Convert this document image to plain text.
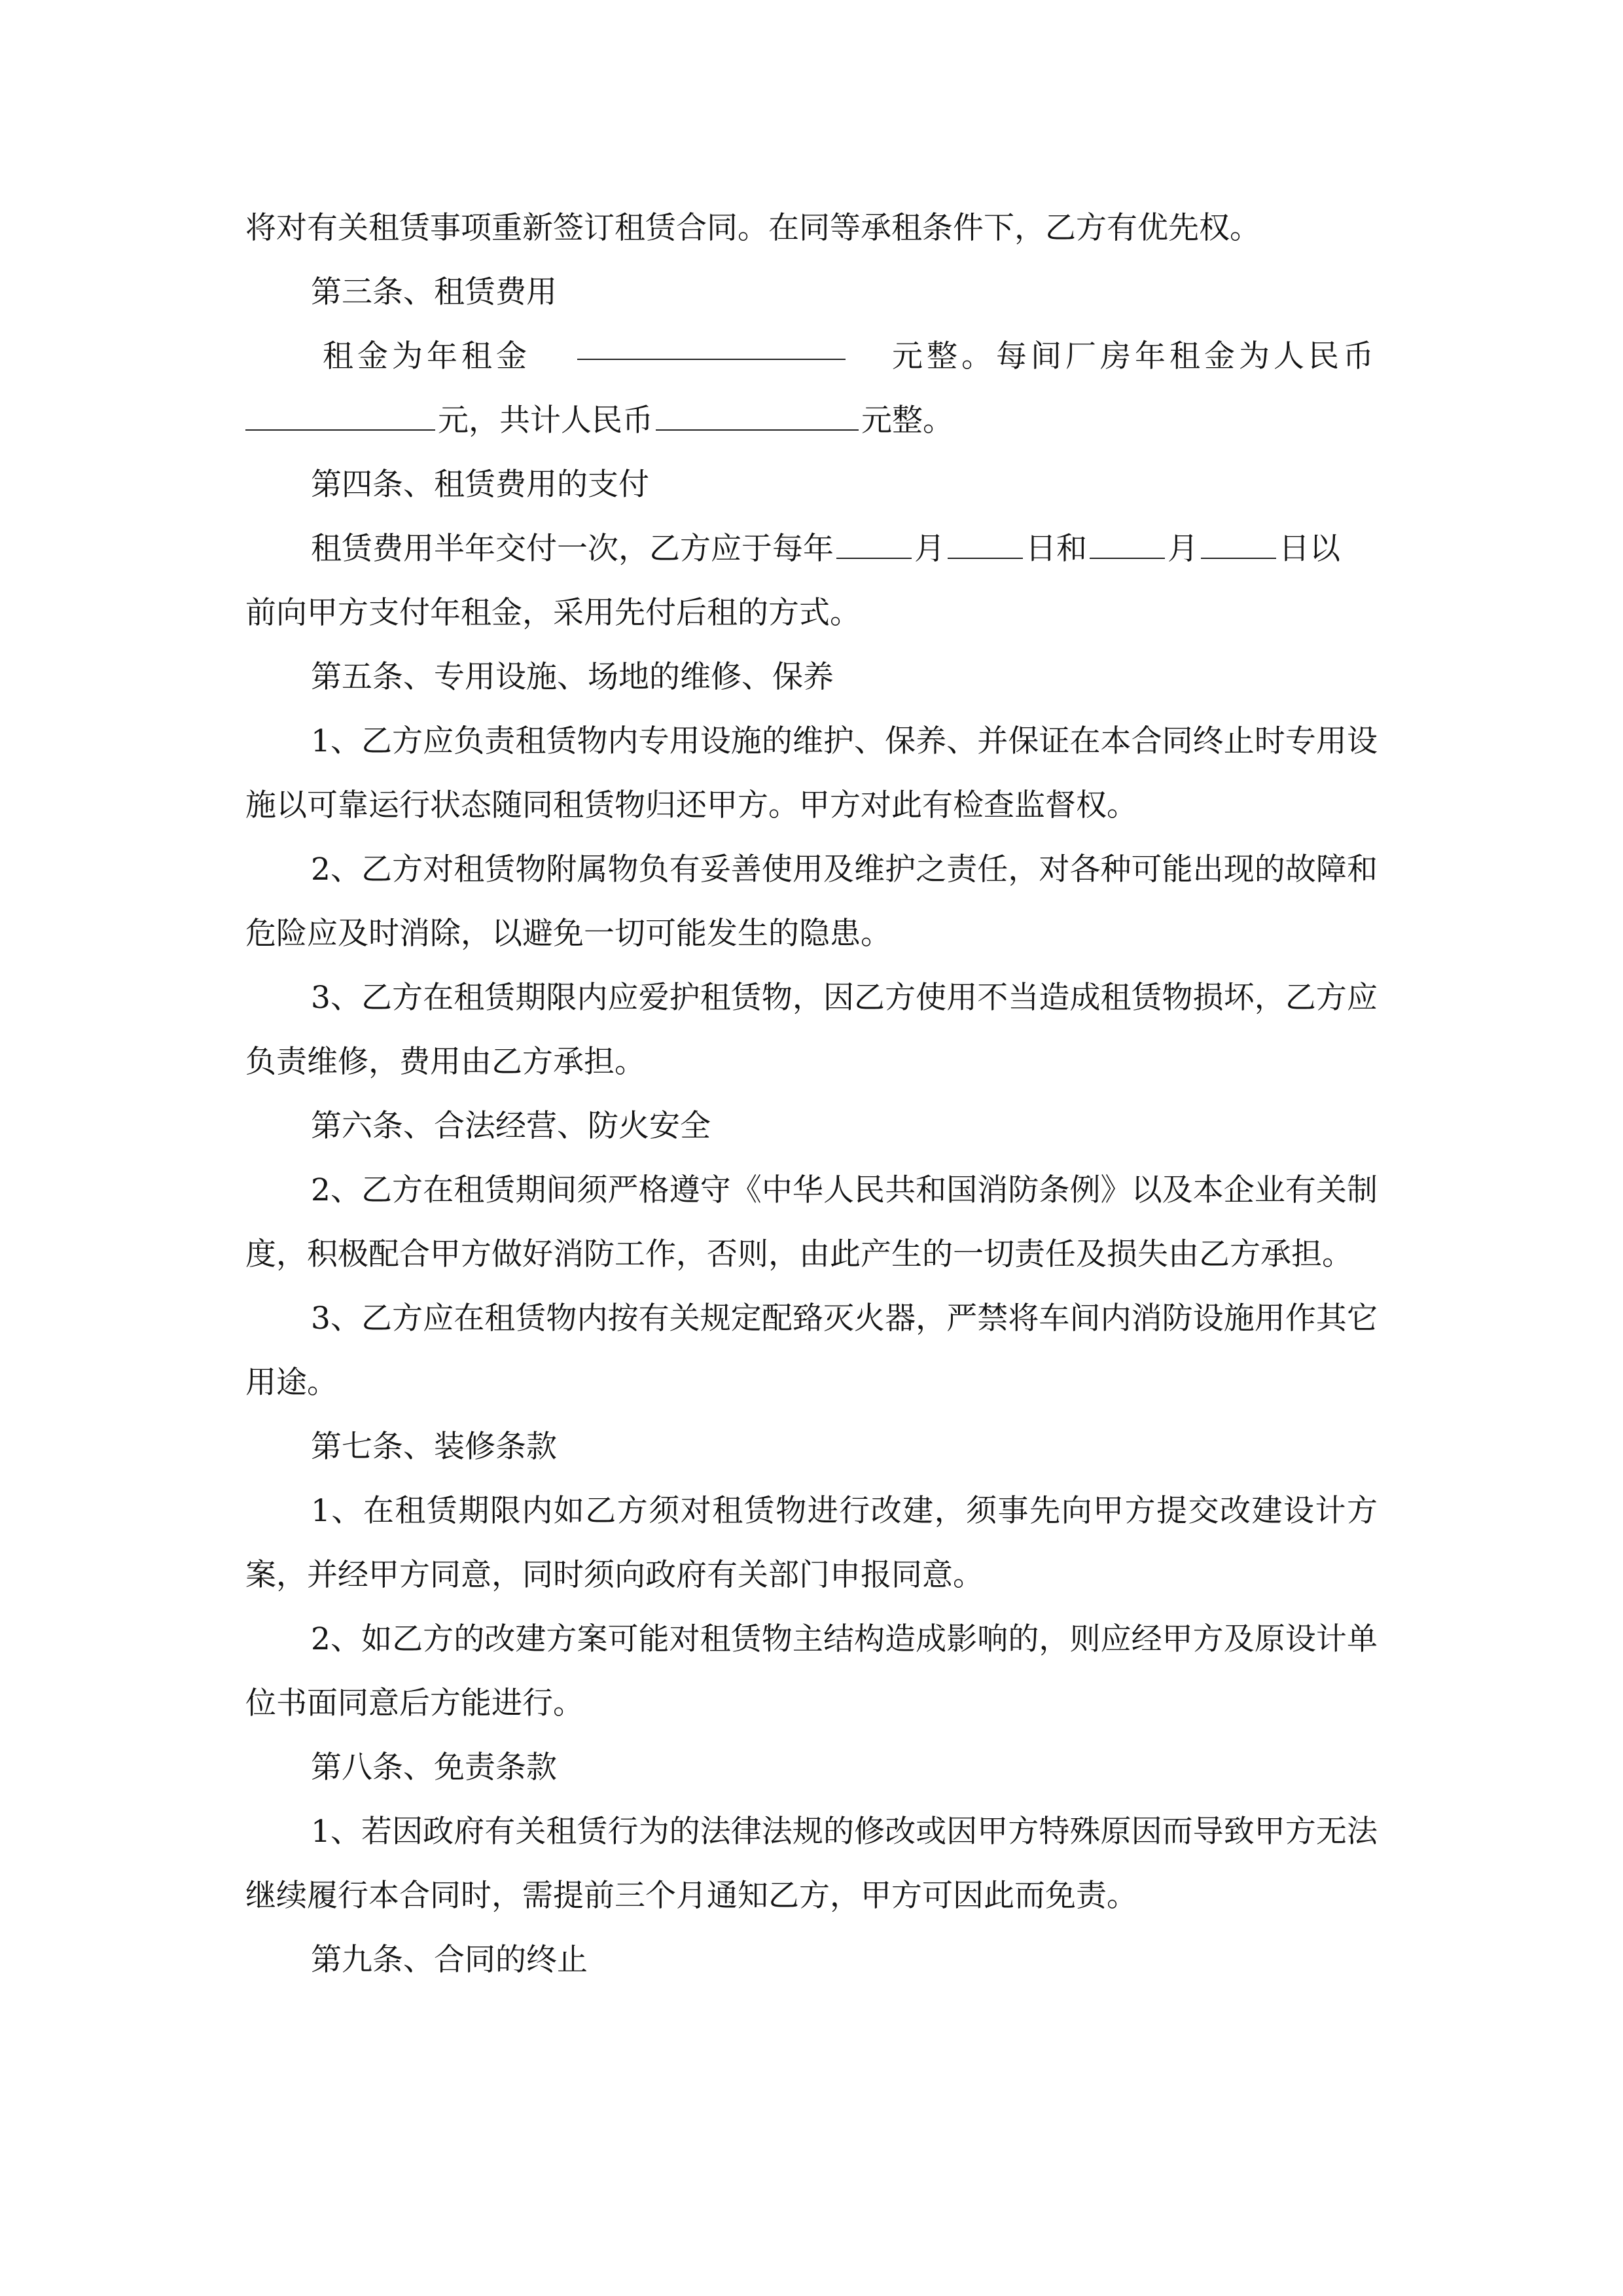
将对有关租赁事项重新签订租赁合同。在同等承租条件下，乙方有优先权。
第三条、租赁费用
租金为年租金	元整。每间厂房年租金为人民币
元，共计人民币	元整。
第四条、租赁费用的支付
租赁费用半年交付一次，乙方应于每年	月	日和	月	日以
前向甲方支付年租金，采用先付后租的方式。
第五条、专用设施、场地的维修、保养
1、乙方应负责租赁物内专用设施的维护、保养、并保证在本合同终止时专用设施以可靠运行状态随同租赁物归还甲方。甲方对此有检查监督权。
2、乙方对租赁物附属物负有妥善使用及维护之责任，对各种可能出现的故障和危险应及时消除，以避免一切可能发生的隐患。
3、乙方在租赁期限内应爱护租赁物，因乙方使用不当造成租赁物损坏，乙方应负责维修，费用由乙方承担。
第六条、合法经营、防火安全
2、乙方在租赁期间须严格遵守《中华人民共和国消防条例》以及本企业有关制度，积极配合甲方做好消防工作，否则，由此产生的一切责任及损失由乙方承担。
3、乙方应在租赁物内按有关规定配臵灭火器，严禁将车间内消防设施用作其它用途。
第七条、装修条款
1、在租赁期限内如乙方须对租赁物进行改建，须事先向甲方提交改建设计方案，并经甲方同意，同时须向政府有关部门申报同意。
2、如乙方的改建方案可能对租赁物主结构造成影响的，则应经甲方及原设计单位书面同意后方能进行。
第八条、免责条款
1、若因政府有关租赁行为的法律法规的修改或因甲方特殊原因而导致甲方无法继续履行本合同时，需提前三个月通知乙方，甲方可因此而免责。
第九条、合同的终止
